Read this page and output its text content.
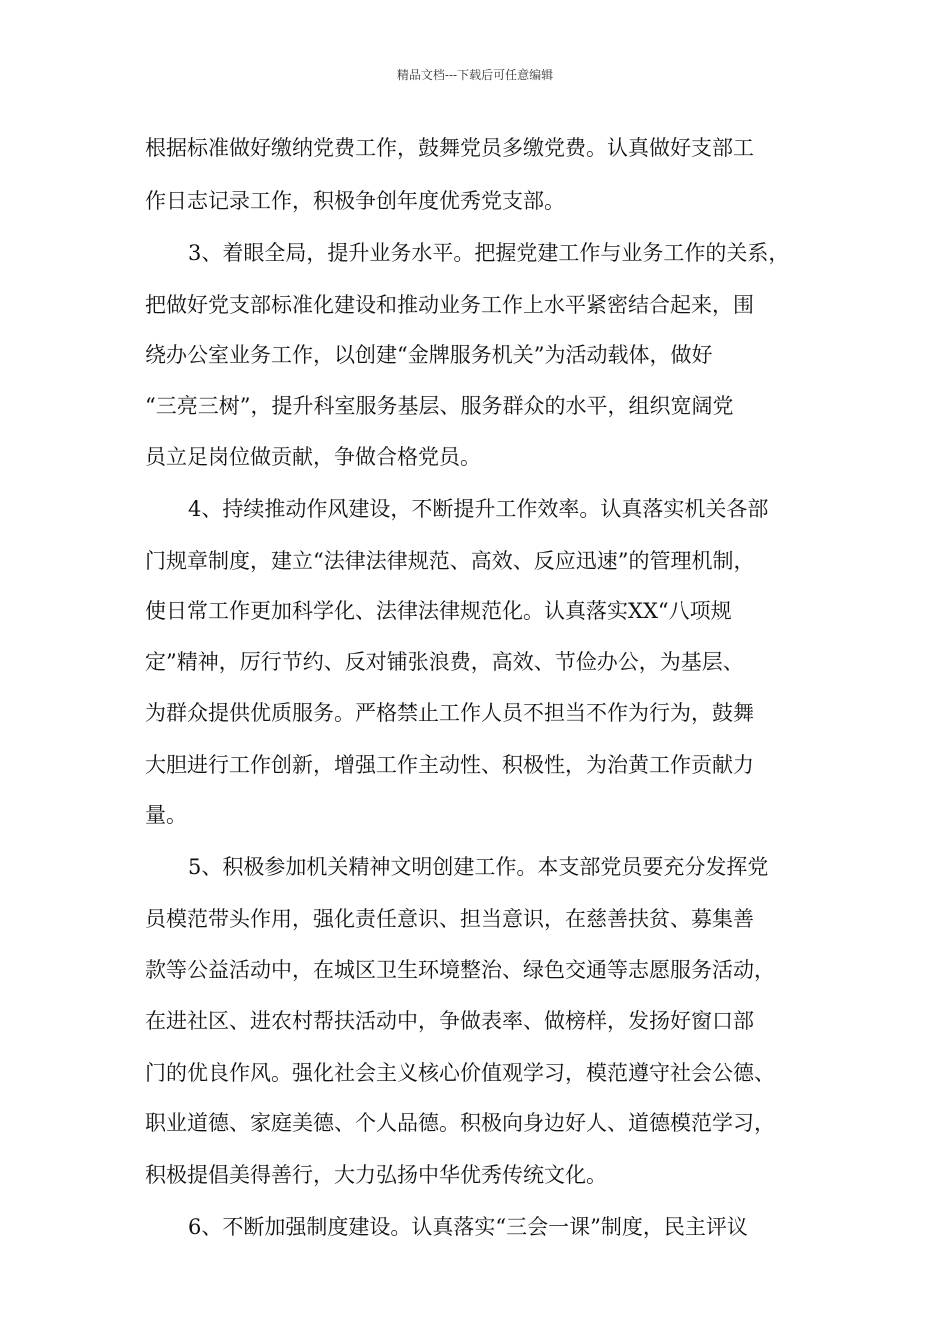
精品文档---下载后可任意编辑
根据标准做好缴纳党费工作，鼓舞党员多缴党费。认真做好支部工
作日志记录工作，积极争创年度优秀党支部。
3、着眼全局，提升业务水平。把握党建工作与业务工作的关系，
把做好党支部标准化建设和推动业务工作上水平紧密结合起来，围
绕办公室业务工作，以创建“金牌服务机关”为活动载体，做好
“三亮三树”，提升科室服务基层、服务群众的水平，组织宽阔党
员立足岗位做贡献，争做合格党员。
4、持续推动作风建设，不断提升工作效率。认真落实机关各部
门规章制度，建立“法律法律规范、高效、反应迅速”的管理机制，
使日常工作更加科学化、法律法律规范化。认真落实XX“八项规
定”精神，厉行节约、反对铺张浪费，高效、节俭办公，为基层、
为群众提供优质服务。严格禁止工作人员不担当不作为行为，鼓舞
大胆进行工作创新，增强工作主动性、积极性，为治黄工作贡献力
量。
5、积极参加机关精神文明创建工作。本支部党员要充分发挥党
员模范带头作用，强化责任意识、担当意识，在慈善扶贫、募集善
款等公益活动中，在城区卫生环境整治、绿色交通等志愿服务活动，
在进社区、进农村帮扶活动中，争做表率、做榜样，发扬好窗口部
门的优良作风。强化社会主义核心价值观学习，模范遵守社会公德、
职业道德、家庭美德、个人品德。积极向身边好人、道德模范学习，
积极提倡美得善行，大力弘扬中华优秀传统文化。
6、不断加强制度建设。认真落实“三会一课”制度，民主评议
